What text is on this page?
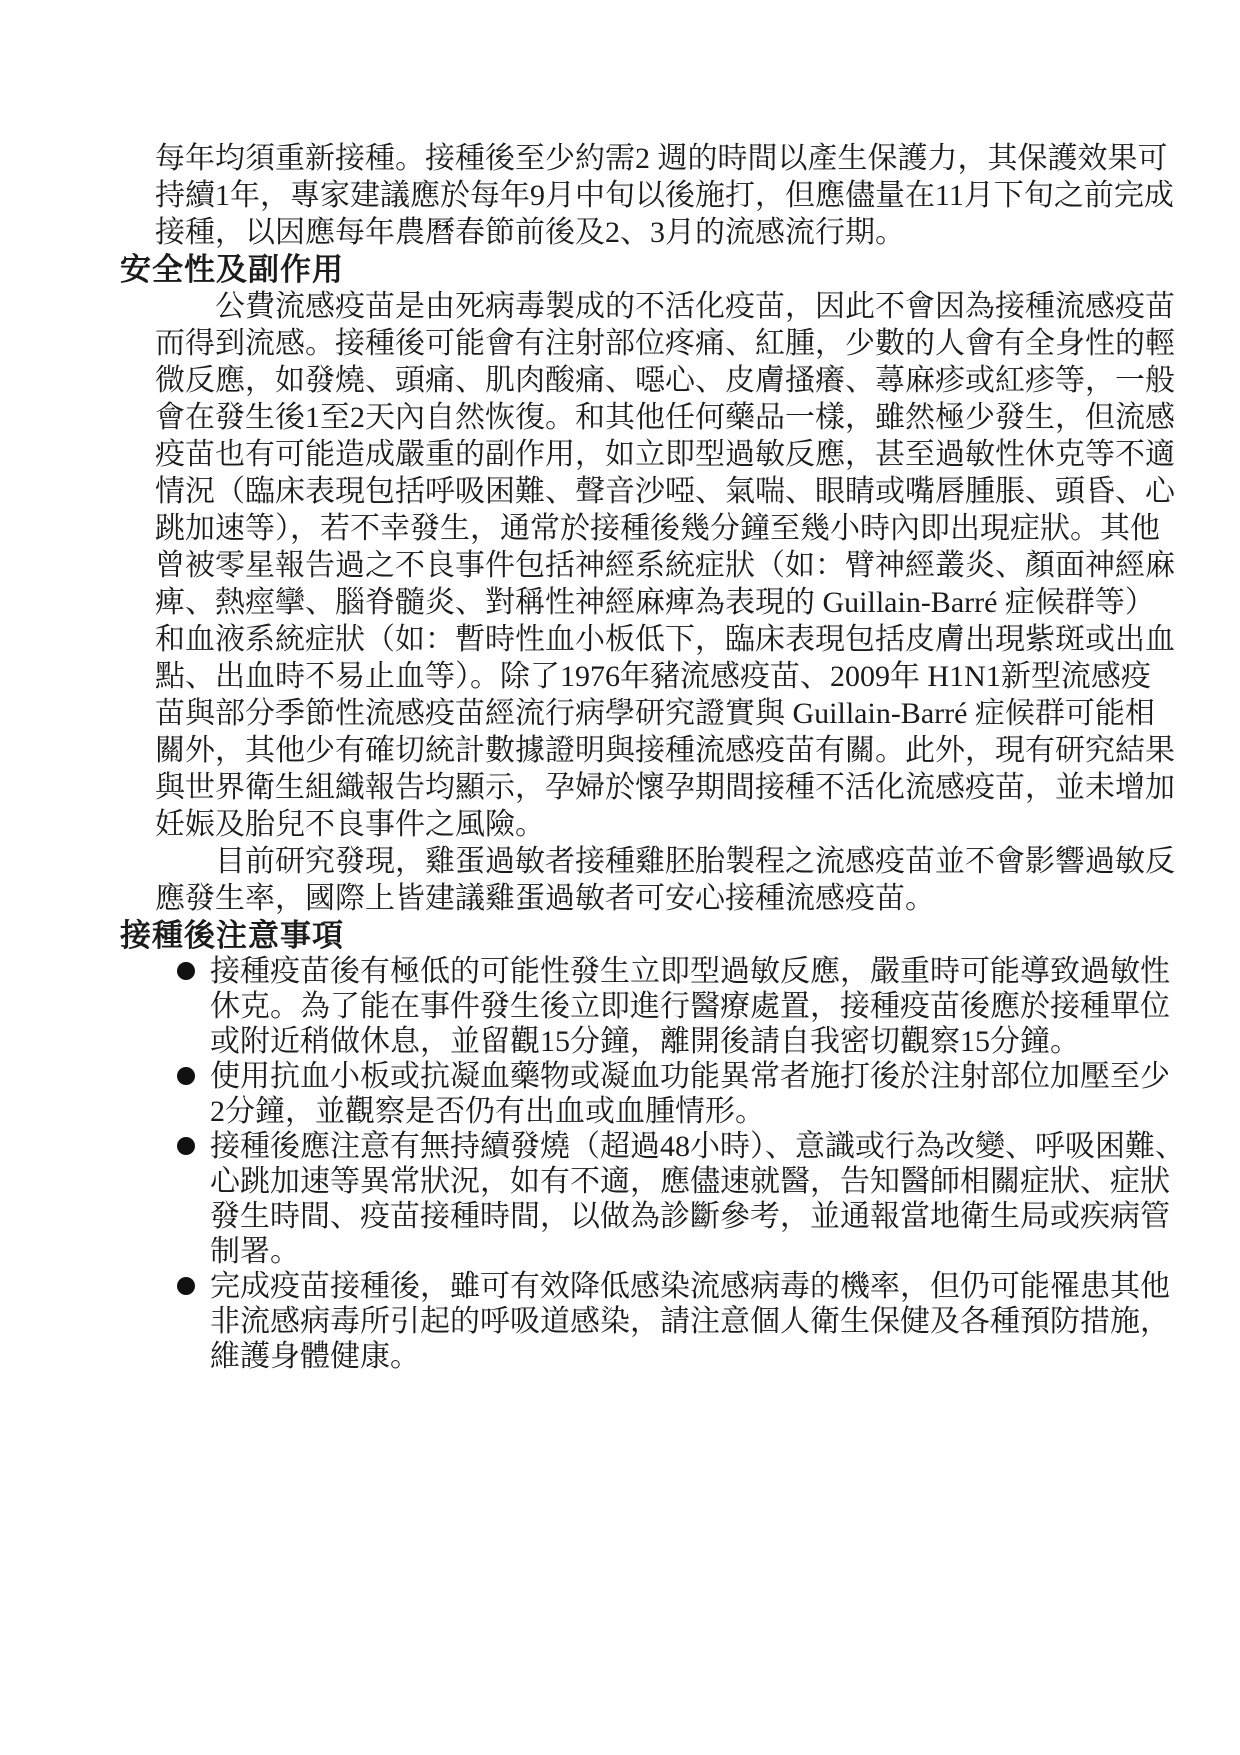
每年均須重新接種。接種後至少約需2 週的時間以產生保護力，其保護效果可
持續1年，專家建議應於每年9月中旬以後施打，但應儘量在11月下旬之前完成
接種，以因應每年農曆春節前後及2、3月的流感流行期。
安全性及副作用
公費流感疫苗是由死病毒製成的不活化疫苗，因此不會因為接種流感疫苗
而得到流感。接種後可能會有注射部位疼痛、紅腫，少數的人會有全身性的輕
微反應，如發燒、頭痛、肌肉酸痛、噁心、皮膚搔癢、蕁麻疹或紅疹等，一般
會在發生後1至2天內自然恢復。和其他任何藥品一樣，雖然極少發生，但流感
疫苗也有可能造成嚴重的副作用，如立即型過敏反應，甚至過敏性休克等不適
情況（臨床表現包括呼吸困難、聲音沙啞、氣喘、眼睛或嘴唇腫脹、頭昏、心
跳加速等），若不幸發生，通常於接種後幾分鐘至幾小時內即出現症狀。其他
曾被零星報告過之不良事件包括神經系統症狀（如：臂神經叢炎、顏面神經麻
痺、熱痙攣、腦脊髓炎、對稱性神經麻痺為表現的 Guillain-Barré 症候群等）
和血液系統症狀（如：暫時性血小板低下，臨床表現包括皮膚出現紫斑或出血
點、出血時不易止血等）。除了1976年豬流感疫苗、2009年 H1N1新型流感疫
苗與部分季節性流感疫苗經流行病學研究證實與 Guillain-Barré 症候群可能相
關外，其他少有確切統計數據證明與接種流感疫苗有關。此外，現有研究結果
與世界衛生組織報告均顯示，孕婦於懷孕期間接種不活化流感疫苗，並未增加
妊娠及胎兒不良事件之風險。
目前研究發現，雞蛋過敏者接種雞胚胎製程之流感疫苗並不會影響過敏反
應發生率，國際上皆建議雞蛋過敏者可安心接種流感疫苗。
接種後注意事項
接種疫苗後有極低的可能性發生立即型過敏反應，嚴重時可能導致過敏性
休克。為了能在事件發生後立即進行醫療處置，接種疫苗後應於接種單位
或附近稍做休息，並留觀15分鐘，離開後請自我密切觀察15分鐘。
使用抗血小板或抗凝血藥物或凝血功能異常者施打後於注射部位加壓至少
2分鐘，並觀察是否仍有出血或血腫情形。
接種後應注意有無持續發燒（超過48小時）、意識或行為改變、呼吸困難、
心跳加速等異常狀況，如有不適，應儘速就醫，告知醫師相關症狀、症狀
發生時間、疫苗接種時間，以做為診斷參考，並通報當地衛生局或疾病管
制署。
完成疫苗接種後，雖可有效降低感染流感病毒的機率，但仍可能罹患其他
非流感病毒所引起的呼吸道感染，請注意個人衛生保健及各種預防措施，
維護身體健康。
